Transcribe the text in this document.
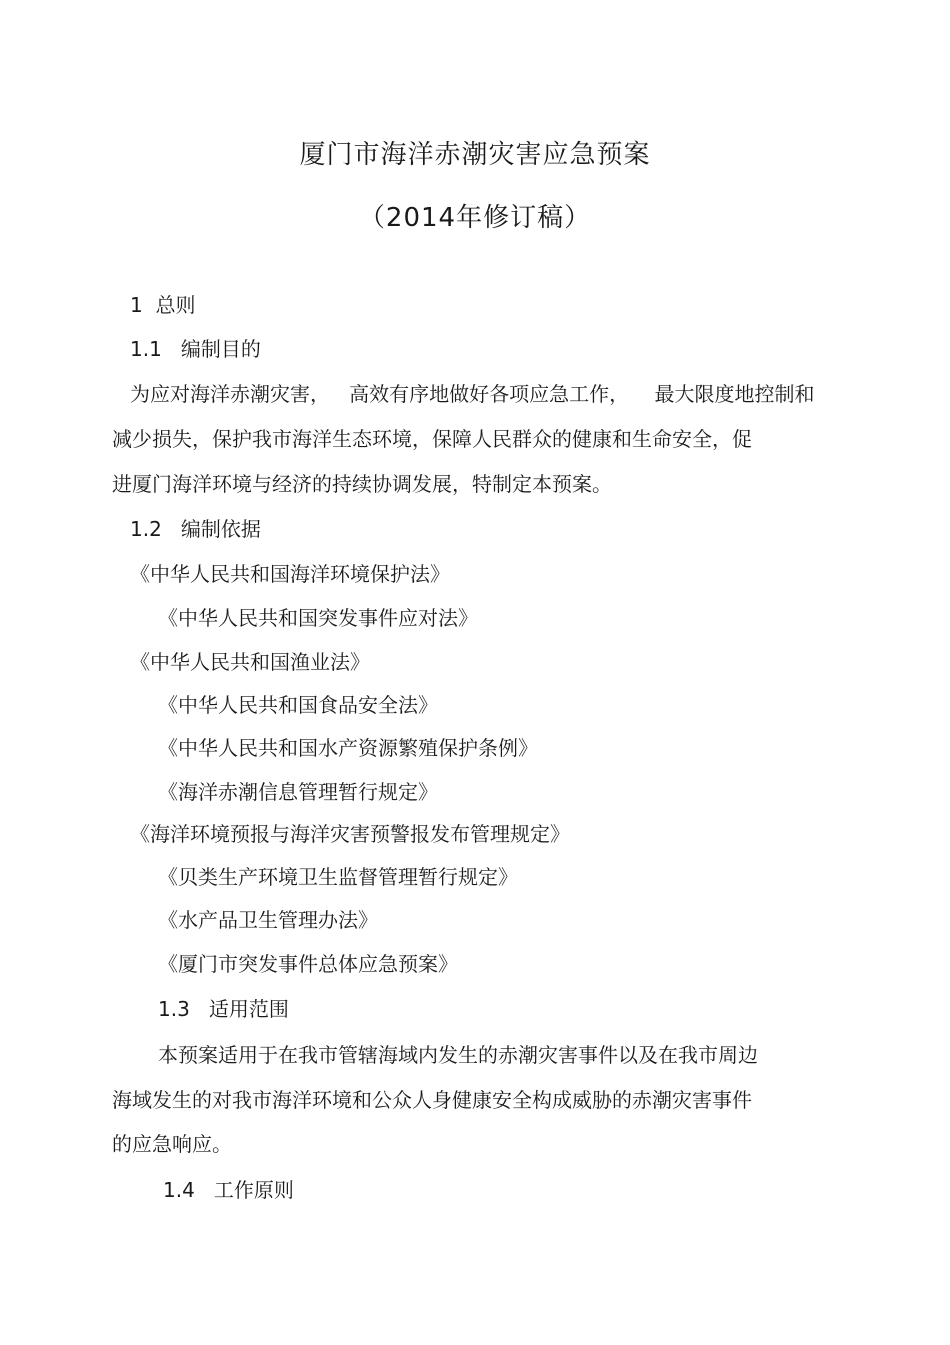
厦门市海洋赤潮灾害应急预案
（2014年修订稿）
1  总则
1.1   编制目的
为应对海洋赤潮灾害，   高效有序地做好各项应急工作，    最大限度地控制和
减少损失，保护我市海洋生态环境，保障人民群众的健康和生命安全，促
进厦门海洋环境与经济的持续协调发展，特制定本预案。
1.2   编制依据
《中华人民共和国海洋环境保护法》
《中华人民共和国突发事件应对法》
《中华人民共和国渔业法》
《中华人民共和国食品安全法》
《中华人民共和国水产资源繁殖保护条例》
《海洋赤潮信息管理暂行规定》
《海洋环境预报与海洋灾害预警报发布管理规定》
《贝类生产环境卫生监督管理暂行规定》
《水产品卫生管理办法》
《厦门市突发事件总体应急预案》
1.3   适用范围
本预案适用于在我市管辖海域内发生的赤潮灾害事件以及在我市周边
海域发生的对我市海洋环境和公众人身健康安全构成威胁的赤潮灾害事件
的应急响应。
1.4   工作原则
